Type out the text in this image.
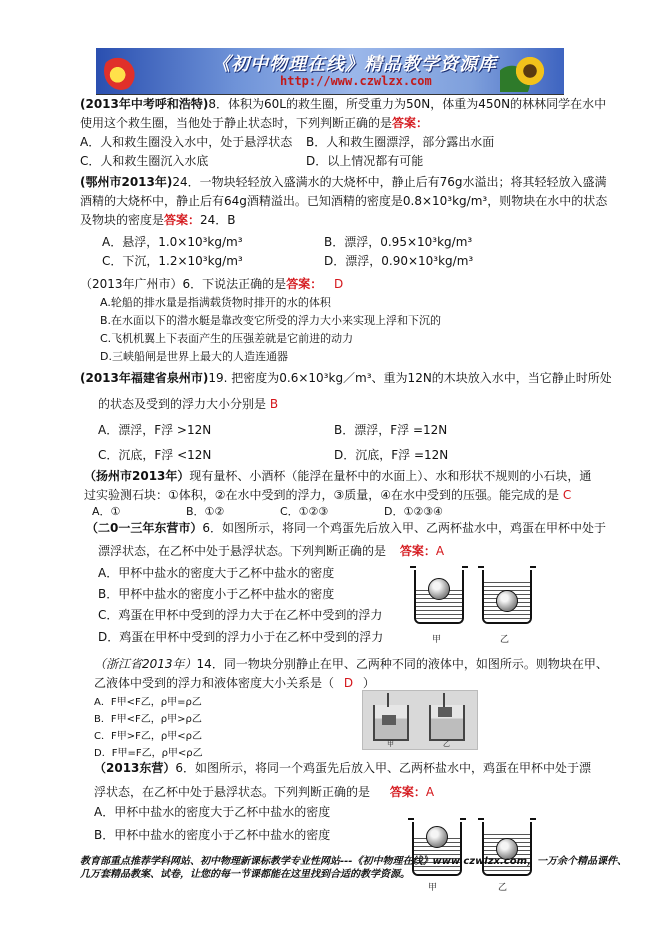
《初中物理在线》精品教学资源库
http://www.czwlzx.com
(2013年中考呼和浩特)8．体积为60L的救生圈，所受重力为50N，体重为450N的林林同学在水中
使用这个救生圈，当他处于静止状态时，下列判断正确的是答案：
A．人和救生圈没入水中，处于悬浮状态 B．人和救生圈漂浮，部分露出水面
C．人和救生圈沉入水底	D．以上情况都有可能
(鄂州市2013年)24．一物块轻轻放入盛满水的大烧杯中，静止后有76g水溢出；将其轻轻放入盛满
酒精的大烧杯中，静止后有64g酒精溢出。已知酒精的密度是0.8×10³kg/m³，则物块在水中的状态
及物块的密度是答案：24．B
A．悬浮，1.0×10³kg/m³	B．漂浮，0.95×10³kg/m³
C．下沉，1.2×10³kg/m³	D．漂浮，0.90×10³kg/m³
（2013年广州市）6．下说法正确的是答案： D
A.轮船的排水量是指满载货物时排开的水的体积
B.在水面以下的潜水艇是靠改变它所受的浮力大小来实现上浮和下沉的
C.飞机机翼上下表面产生的压强差就是它前进的动力
D.三峡船闸是世界上最大的人造连通器
(2013年福建省泉州市)19. 把密度为0.6×10³kg／m³、重为12N的木块放入水中，当它静止时所处
的状态及受到的浮力大小分别是 B
A．漂浮，F浮 >12N	B．漂浮，F浮 =12N
C．沉底，F浮 <12N	D．沉底，F浮 =12N
（扬州市2013年）现有量杯、小酒杯（能浮在量杯中的水面上）、水和形状不规则的小石块，通
过实验测石块：①体积，②在水中受到的浮力，③质量，④在水中受到的压强。能完成的是 C
A．①	B．①②	C．①②③	D．①②③④
（二0一三年东营市）6．如图所示，将同一个鸡蛋先后放入甲、乙两杯盐水中，鸡蛋在甲杯中处于
漂浮状态，在乙杯中处于悬浮状态。下列判断正确的是 答案：A
A．甲杯中盐水的密度大于乙杯中盐水的密度
B．甲杯中盐水的密度小于乙杯中盐水的密度
C．鸡蛋在甲杯中受到的浮力大于在乙杯中受到的浮力
D．鸡蛋在甲杯中受到的浮力小于在乙杯中受到的浮力	甲	乙
（浙江省2013年）14．同一物块分别静止在甲、乙两种不同的液体中，如图所示。则物块在甲、
乙液体中受到的浮力和液体密度大小关系是（ D ）
A．F甲<F乙，ρ甲=ρ乙
B．F甲<F乙，ρ甲>ρ乙
C．F甲>F乙，ρ甲<ρ乙
D．F甲=F乙，ρ甲<ρ乙
甲	乙
（2013东营）6．如图所示，将同一个鸡蛋先后放入甲、乙两杯盐水中，鸡蛋在甲杯中处于漂
浮状态，在乙杯中处于悬浮状态。下列判断正确的是 答案：A
A．甲杯中盐水的密度大于乙杯中盐水的密度
B．甲杯中盐水的密度小于乙杯中盐水的密度
甲	乙
教育部重点推荐学科网站、初中物理新课标教学专业性网站---《初中物理在线》www.czwlzx.com，一万余个精品课件、
几万套精品教案、试卷，让您的每一节课都能在这里找到合适的教学资源。
